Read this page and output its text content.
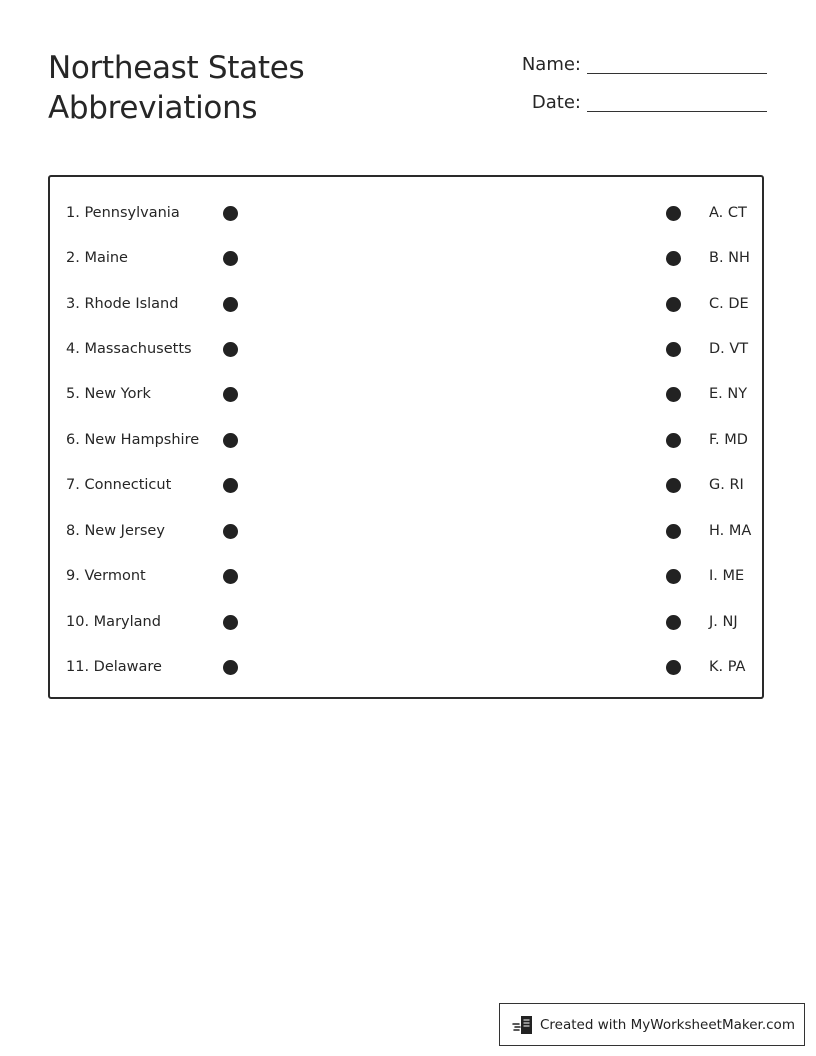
Northeast States
Abbreviations
Name:
Date:
1. Pennsylvania	A. CT
2. Maine	B. NH
3. Rhode Island	C. DE
4. Massachusetts	D. VT
5. New York	E. NY
6. New Hampshire	F. MD
7. Connecticut	G. RI
8. New Jersey	H. MA
9. Vermont	I. ME
10. Maryland	J. NJ
11. Delaware	K. PA
Created with MyWorksheetMaker.com
